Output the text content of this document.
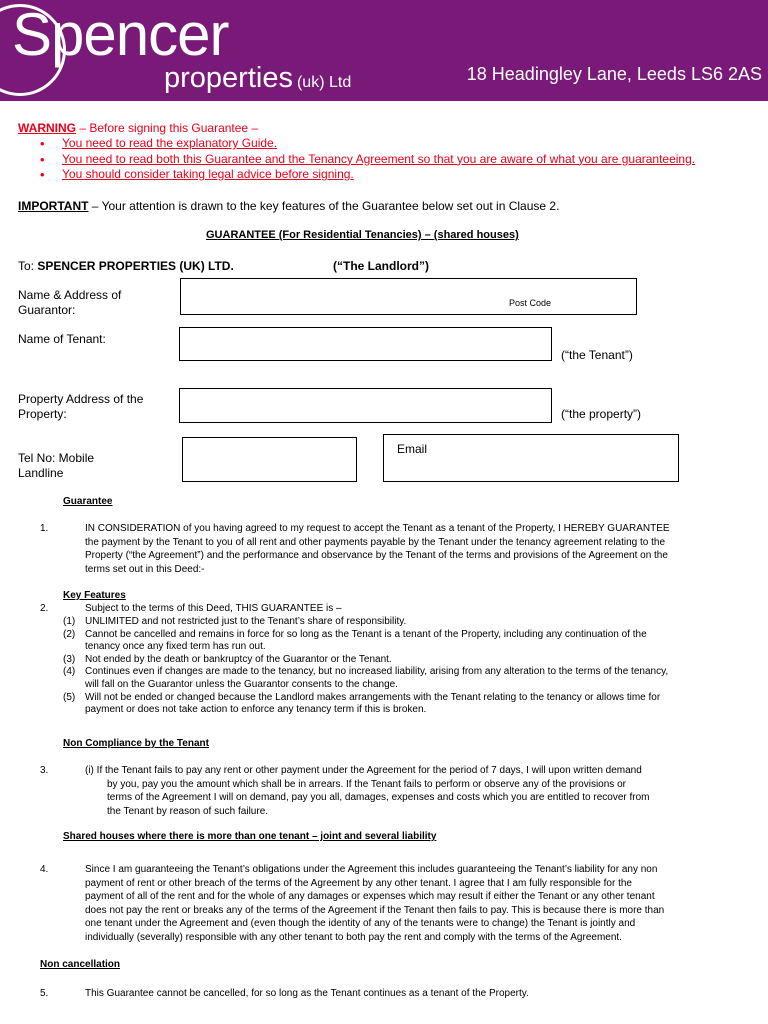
Spencer
properties (uk) Ltd	18 Headingley Lane, Leeds LS6 2AS
WARNING – Before signing this Guarantee –
• You need to read the explanatory Guide.
• You need to read both this Guarantee and the Tenancy Agreement so that you are aware of what you are guaranteeing.
• You should consider taking legal advice before signing.
IMPORTANT – Your attention is drawn to the key features of the Guarantee below set out in Clause 2.
GUARANTEE (For Residential Tenancies) – (shared houses)
To: SPENCER PROPERTIES (UK) LTD.	(“The Landlord”)
Name & Address of Guarantor:	Post Code
Name of Tenant:
(“the Tenant”)
Property Address of the Property:	(“the property”)
Tel No: Mobile
Landline
Email
Guarantee
1.	IN CONSIDERATION of you having agreed to my request to accept the Tenant as a tenant of the Property, I HEREBY GUARANTEE
the payment by the Tenant to you of all rent and other payments payable by the Tenant under the tenancy agreement relating to the
Property (“the Agreement”) and the performance and observance by the Tenant of the terms and provisions of the Agreement on the
terms set out in this Deed:-
Key Features
2.	Subject to the terms of this Deed, THIS GUARANTEE is –
(1) UNLIMITED and not restricted just to the Tenant’s share of responsibility.
(2) Cannot be cancelled and remains in force for so long as the Tenant is a tenant of the Property, including any continuation of the
tenancy once any fixed term has run out.
(3) Not ended by the death or bankruptcy of the Guarantor or the Tenant.
(4) Continues even if changes are made to the tenancy, but no increased liability, arising from any alteration to the terms of the tenancy,
will fall on the Guarantor unless the Guarantor consents to the change.
(5) Will not be ended or changed because the Landlord makes arrangements with the Tenant relating to the tenancy or allows time for
payment or does not take action to enforce any tenancy term if this is broken.
Non Compliance by the Tenant
3.	(i) If the Tenant fails to pay any rent or other payment under the Agreement for the period of 7 days, I will upon written demand
by you, pay you the amount which shall be in arrears. If the Tenant fails to perform or observe any of the provisions or
terms of the Agreement I will on demand, pay you all, damages, expenses and costs which you are entitled to recover from
the Tenant by reason of such failure.
Shared houses where there is more than one tenant – joint and several liability
4.	Since I am guaranteeing the Tenant’s obligations under the Agreement this includes guaranteeing the Tenant’s liability for any non
payment of rent or other breach of the terms of the Agreement by any other tenant. I agree that I am fully responsible for the
payment of all of the rent and for the whole of any damages or expenses which may result if either the Tenant or any other tenant
does not pay the rent or breaks any of the terms of the Agreement if the Tenant then fails to pay. This is because there is more than
one tenant under the Agreement and (even though the identity of any of the tenants were to change) the Tenant is jointly and
individually (severally) responsible with any other tenant to both pay the rent and comply with the terms of the Agreement.
Non cancellation
5.	This Guarantee cannot be cancelled, for so long as the Tenant continues as a tenant of the Property.
